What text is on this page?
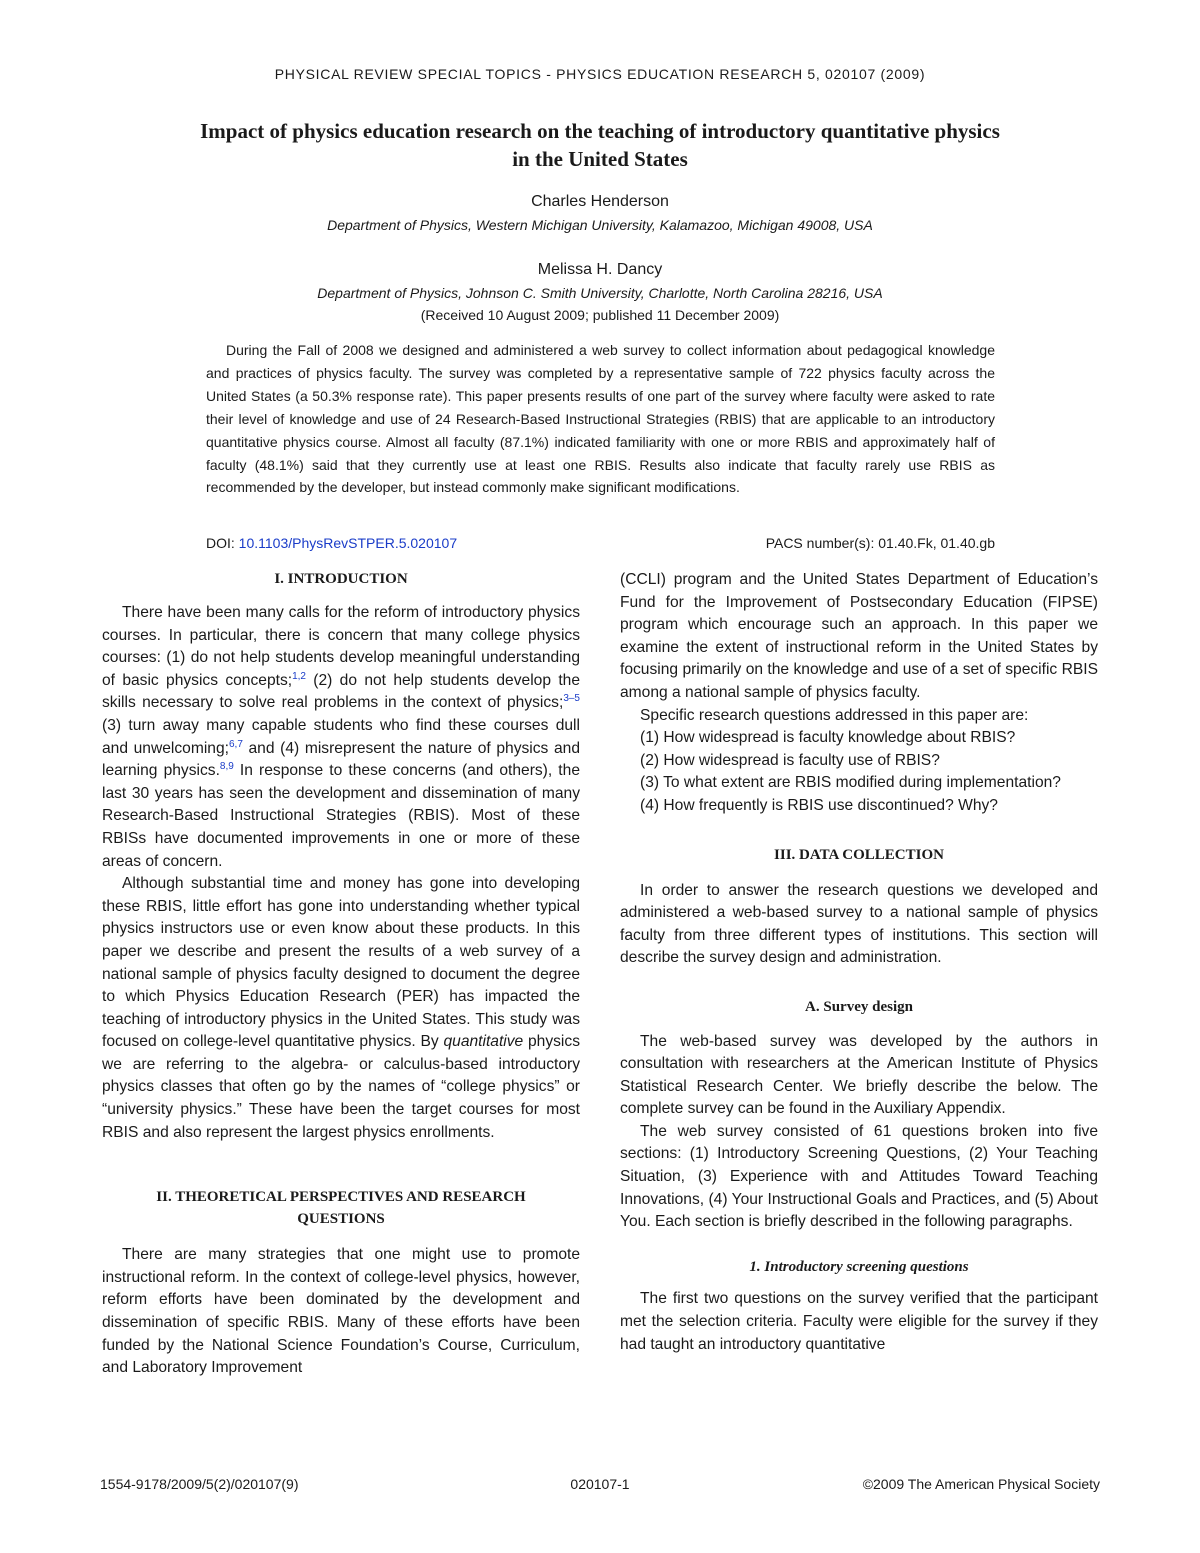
PHYSICAL REVIEW SPECIAL TOPICS - PHYSICS EDUCATION RESEARCH 5, 020107 (2009)
Impact of physics education research on the teaching of introductory quantitative physics
in the United States
Charles Henderson
Department of Physics, Western Michigan University, Kalamazoo, Michigan 49008, USA
Melissa H. Dancy
Department of Physics, Johnson C. Smith University, Charlotte, North Carolina 28216, USA
(Received 10 August 2009; published 11 December 2009)

During the Fall of 2008 we designed and administered a web survey to collect information about pedagogical knowledge and practices of physics faculty. The survey was completed by a representative sample of 722 physics faculty across the United States (a 50.3% response rate). This paper presents results of one part of the survey where faculty were asked to rate their level of knowledge and use of 24 Research-Based Instructional Strategies (RBIS) that are applicable to an introductory quantitative physics course. Almost all faculty (87.1%) indicated familiarity with one or more RBIS and approximately half of faculty (48.1%) said that they currently use at least one RBIS. Results also indicate that faculty rarely use RBIS as recommended by the developer, but instead commonly make significant modifications.

DOI: 10.1103/PhysRevSTPER.5.020107	PACS number(s): 01.40.Fk, 01.40.gb
I. INTRODUCTION

There have been many calls for the reform of introductory physics courses. In particular, there is concern that many college physics courses: (1) do not help students develop meaningful understanding of basic physics concepts;$^{1,2}$ (2) do not help students develop the skills necessary to solve real problems in the context of physics;$^{3-5}$ (3) turn away many capable students who find these courses dull and unwelcoming;$^{6,7}$ and (4) misrepresent the nature of physics and learning physics.$^{8,9}$ In response to these concerns (and others), the last 30 years has seen the development and dissemination of many Research-Based Instructional Strategies (RBIS). Most of these RBISs have documented improvements in one or more of these areas of concern.

Although substantial time and money has gone into developing these RBIS, little effort has gone into understanding whether typical physics instructors use or even know about these products. In this paper we describe and present the results of a web survey of a national sample of physics faculty designed to document the degree to which Physics Education Research (PER) has impacted the teaching of introductory physics in the United States. This study was focused on college-level quantitative physics. By quantitative physics we are referring to the algebra- or calculus-based introductory physics classes that often go by the names of “college physics” or “university physics.” These have been the target courses for most RBIS and also represent the largest physics enrollments.

II. THEORETICAL PERSPECTIVES AND RESEARCH
QUESTIONS

There are many strategies that one might use to promote instructional reform. In the context of college-level physics, however, reform efforts have been dominated by the development and dissemination of specific RBIS. Many of these efforts have been funded by the National Science Foundation’s Course, Curriculum, and Laboratory Improvement

(CCLI) program and the United States Department of Education’s Fund for the Improvement of Postsecondary Education (FIPSE) program which encourage such an approach. In this paper we examine the extent of instructional reform in the United States by focusing primarily on the knowledge and use of a set of specific RBIS among a national sample of physics faculty.

Specific research questions addressed in this paper are:

(1) How widespread is faculty knowledge about RBIS?

(2) How widespread is faculty use of RBIS?

(3) To what extent are RBIS modified during implementation?

(4) How frequently is RBIS use discontinued? Why?

III. DATA COLLECTION

In order to answer the research questions we developed and administered a web-based survey to a national sample of physics faculty from three different types of institutions. This section will describe the survey design and administration.

A. Survey design

The web-based survey was developed by the authors in consultation with researchers at the American Institute of Physics Statistical Research Center. We briefly describe the below. The complete survey can be found in the Auxiliary Appendix.

The web survey consisted of 61 questions broken into five sections: (1) Introductory Screening Questions, (2) Your Teaching Situation, (3) Experience with and Attitudes Toward Teaching Innovations, (4) Your Instructional Goals and Practices, and (5) About You. Each section is briefly described in the following paragraphs.

1. Introductory screening questions

The first two questions on the survey verified that the participant met the selection criteria. Faculty were eligible for the survey if they had taught an introductory quantitative

1554-9178/2009/5(2)/020107(9)	020107-1	©2009 The American Physical Society
